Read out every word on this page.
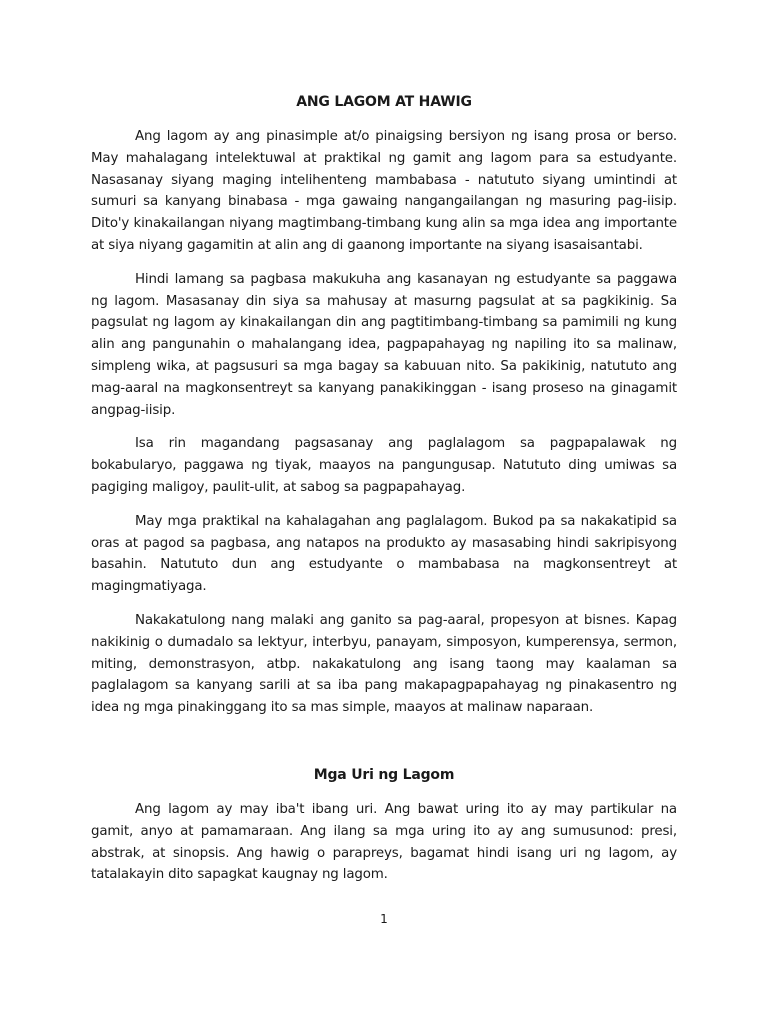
ANG LAGOM AT HAWIG

Ang lagom ay ang pinasimple at/o pinaigsing bersiyon ng isang prosa or berso. May mahalagang intelektuwal at praktikal ng gamit ang lagom para sa estudyante. Nasasanay siyang maging intelihenteng mambabasa - natututo siyang umintindi at sumuri sa kanyang binabasa - mga gawaing nangangailangan ng masuring pag-iisip. Dito'y kinakailangan niyang magtimbang-timbang kung alin sa mga idea ang importante at siya niyang gagamitin at alin ang di gaanong importante na siyang isasaisantabi.

Hindi lamang sa pagbasa makukuha ang kasanayan ng estudyante sa paggawa ng lagom. Masasanay din siya sa mahusay at masurng pagsulat at sa pagkikinig. Sa pagsulat ng lagom ay kinakailangan din ang pagtitimbang-timbang sa pamimili ng kung alin ang pangunahin o mahalangang idea, pagpapahayag ng napiling ito sa malinaw, simpleng wika, at pagsusuri sa mga bagay sa kabuuan nito. Sa pakikinig, natututo ang mag-aaral na magkonsentreyt sa kanyang panakikinggan - isang proseso na ginagamit angpag-iisip.

Isa rin magandang pagsasanay ang paglalagom sa pagpapalawak ng bokabularyo, paggawa ng tiyak, maayos na pangungusap. Natututo ding umiwas sa pagiging maligoy, paulit-ulit, at sabog sa pagpapahayag.

May mga praktikal na kahalagahan ang paglalagom. Bukod pa sa nakakatipid sa oras at pagod sa pagbasa, ang natapos na produkto ay masasabing hindi sakripisyong basahin. Natututo dun ang estudyante o mambabasa na magkonsentreyt at magingmatiyaga.

Nakakatulong nang malaki ang ganito sa pag-aaral, propesyon at bisnes. Kapag nakikinig o dumadalo sa lektyur, interbyu, panayam, simposyon, kumperensya, sermon, miting, demonstrasyon, atbp. nakakatulong ang isang taong may kaalaman sa paglalagom sa kanyang sarili at sa iba pang makapagpapahayag ng pinakasentro ng idea ng mga pinakinggang ito sa mas simple, maayos at malinaw naparaan.

Mga Uri ng Lagom

Ang lagom ay may iba't ibang uri. Ang bawat uring ito ay may partikular na gamit, anyo at pamamaraan. Ang ilang sa mga uring ito ay ang sumusunod: presi, abstrak, at sinopsis. Ang hawig o parapreys, bagamat hindi isang uri ng lagom, ay tatalakayin dito sapagkat kaugnay ng lagom.

1
